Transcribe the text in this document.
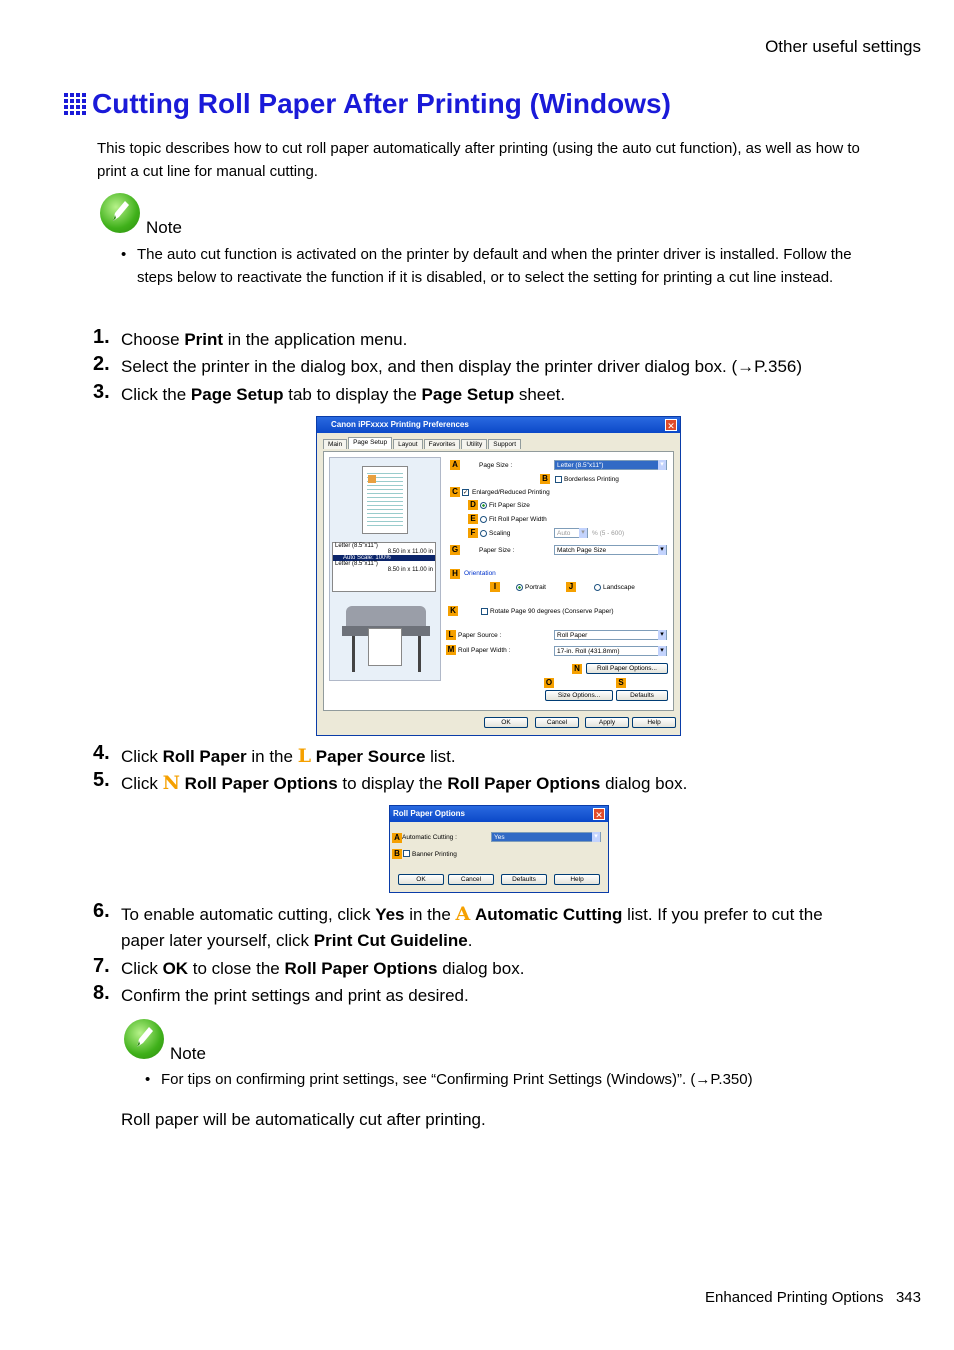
Other useful settings
Cutting Roll Paper After Printing (Windows)
This topic describes how to cut roll paper automatically after printing (using the auto cut function), as well as how to print a cut line for manual cutting.
Note
• The auto cut function is activated on the printer by default and when the printer driver is installed. Follow the steps below to reactivate the function if it is disabled, or to select the setting for printing a cut line instead.
1. Choose Print in the application menu.
2. Select the printer in the dialog box, and then display the printer driver dialog box. (→P.356)
3. Click the Page Setup tab to display the Page Setup sheet.
Canon iPFxxxx Printing Preferences	✕
Main	Page Setup	Layout	Favorites	Utility	Support
Letter (8.5"x11")
8.50 in x 11.00 in
Auto Scale: 100%
Letter (8.5"x11")
8.50 in x 11.00 in
A	Page Size :	Letter (8.5"x11") ▾
B	Borderless Printing
C ✓ Enlarged/Reduced Printing
D	Fit Paper Size
E	Fit Roll Paper Width
F	Scaling	Auto ▾	% (5 - 600)
G	Paper Size :	Match Page Size ▾
H Orientation
I	Portrait	J	Landscape
K	Rotate Page 90 degrees (Conserve Paper)
L Paper Source :	Roll Paper ▾
M Roll Paper Width :	17-in. Roll (431.8mm) ▾
N	Roll Paper Options...
O	S
Size Options...	Defaults
OK	Cancel	Apply	Help
4. Click Roll Paper in the L Paper Source list.
5. Click N Roll Paper Options to display the Roll Paper Options dialog box.
Roll Paper Options	✕
A Automatic Cutting :	Yes ▾
B	Banner Printing
OK	Cancel	Defaults	Help
6. To enable automatic cutting, click Yes in the A Automatic Cutting list. If you prefer to cut the
paper later yourself, click Print Cut Guideline.
7. Click OK to close the Roll Paper Options dialog box.
8. Confirm the print settings and print as desired.
Note
• For tips on confirming print settings, see “Confirming Print Settings (Windows)”. (→P.350)
Roll paper will be automatically cut after printing.
Enhanced Printing Options 343
